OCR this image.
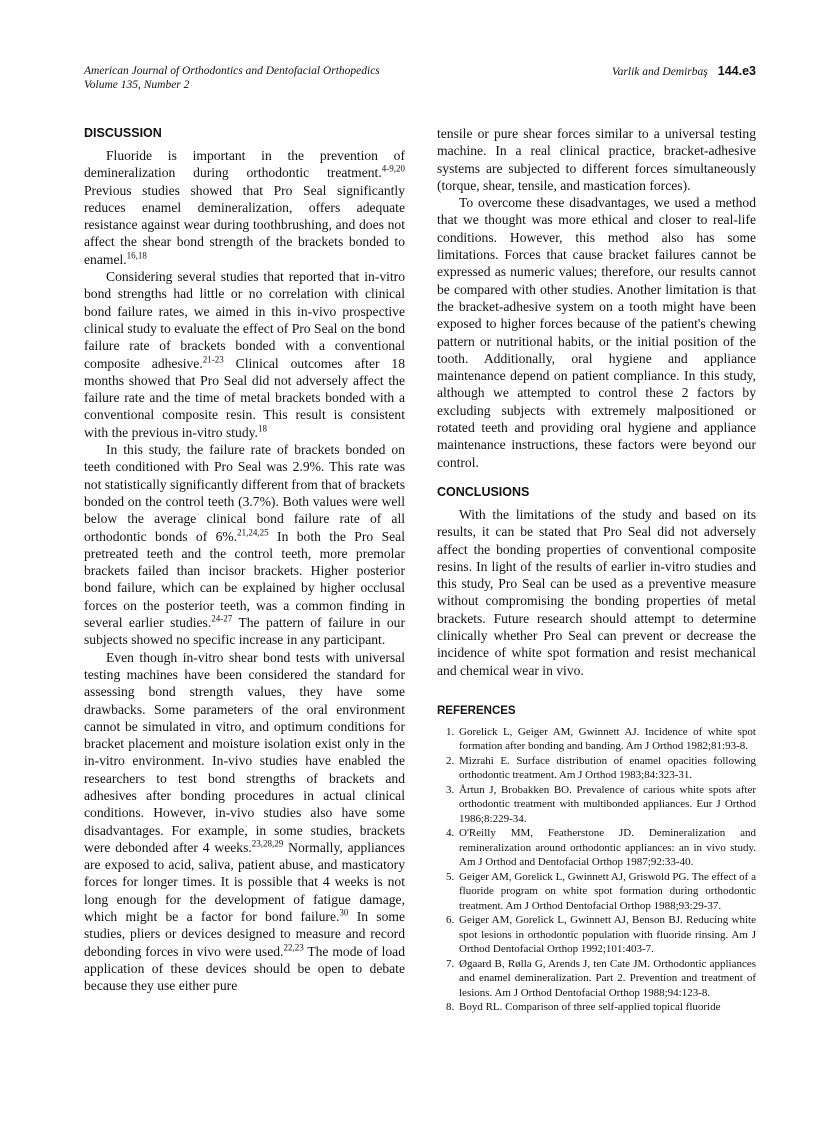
American Journal of Orthodontics and Dentofacial Orthopedics
Volume 135, Number 2
Varlik and Demirbaş 144.e3
DISCUSSION

Fluoride is important in the prevention of demineralization during orthodontic treatment.$^{4-9,20}$ Previous studies showed that Pro Seal significantly reduces enamel demineralization, offers adequate resistance against wear during toothbrushing, and does not affect the shear bond strength of the brackets bonded to enamel.$^{16,18}$

Considering several studies that reported that in-vitro bond strengths had little or no correlation with clinical bond failure rates, we aimed in this in-vivo prospective clinical study to evaluate the effect of Pro Seal on the bond failure rate of brackets bonded with a conventional composite adhesive.$^{21-23}$ Clinical outcomes after 18 months showed that Pro Seal did not adversely affect the failure rate and the time of metal brackets bonded with a conventional composite resin. This result is consistent with the previous in-vitro study.$^{18}$

In this study, the failure rate of brackets bonded on teeth conditioned with Pro Seal was 2.9%. This rate was not statistically significantly different from that of brackets bonded on the control teeth (3.7%). Both values were well below the average clinical bond failure rate of all orthodontic bonds of 6%.$^{21,24,25}$ In both the Pro Seal pretreated teeth and the control teeth, more premolar brackets failed than incisor brackets. Higher posterior bond failure, which can be explained by higher occlusal forces on the posterior teeth, was a common finding in several earlier studies.$^{24-27}$ The pattern of failure in our subjects showed no specific increase in any participant.

Even though in-vitro shear bond tests with universal testing machines have been considered the standard for assessing bond strength values, they have some drawbacks. Some parameters of the oral environment cannot be simulated in vitro, and optimum conditions for bracket placement and moisture isolation exist only in the in-vitro environment. In-vivo studies have enabled the researchers to test bond strengths of brackets and adhesives after bonding procedures in actual clinical conditions. However, in-vivo studies also have some disadvantages. For example, in some studies, brackets were debonded after 4 weeks.$^{23,28,29}$ Normally, appliances are exposed to acid, saliva, patient abuse, and masticatory forces for longer times. It is possible that 4 weeks is not long enough for the development of fatigue damage, which might be a factor for bond failure.$^{30}$ In some studies, pliers or devices designed to measure and record debonding forces in vivo were used.$^{22,23}$ The mode of load application of these devices should be open to debate because they use either pure

tensile or pure shear forces similar to a universal testing machine. In a real clinical practice, bracket-adhesive systems are subjected to different forces simultaneously (torque, shear, tensile, and mastication forces).

To overcome these disadvantages, we used a method that we thought was more ethical and closer to real-life conditions. However, this method also has some limitations. Forces that cause bracket failures cannot be expressed as numeric values; therefore, our results cannot be compared with other studies. Another limitation is that the bracket-adhesive system on a tooth might have been exposed to higher forces because of the patient's chewing pattern or nutritional habits, or the initial position of the tooth. Additionally, oral hygiene and appliance maintenance depend on patient compliance. In this study, although we attempted to control these 2 factors by excluding subjects with extremely malpositioned or rotated teeth and providing oral hygiene and appliance maintenance instructions, these factors were beyond our control.

CONCLUSIONS

With the limitations of the study and based on its results, it can be stated that Pro Seal did not adversely affect the bonding properties of conventional composite resins. In light of the results of earlier in-vitro studies and this study, Pro Seal can be used as a preventive measure without compromising the bonding properties of metal brackets. Future research should attempt to determine clinically whether Pro Seal can prevent or decrease the incidence of white spot formation and resist mechanical and chemical wear in vivo.

REFERENCES
1. Gorelick L, Geiger AM, Gwinnett AJ. Incidence of white spot formation after bonding and banding. Am J Orthod 1982;81:93-8.
2. Mizrahi E. Surface distribution of enamel opacities following orthodontic treatment. Am J Orthod 1983;84:323-31.
3. Årtun J, Brobakken BO. Prevalence of carious white spots after orthodontic treatment with multibonded appliances. Eur J Orthod 1986;8:229-34.
4. O'Reilly MM, Featherstone JD. Demineralization and remineralization around orthodontic appliances: an in vivo study. Am J Orthod and Dentofacial Orthop 1987;92:33-40.
5. Geiger AM, Gorelick L, Gwinnett AJ, Griswold PG. The effect of a fluoride program on white spot formation during orthodontic treatment. Am J Orthod Dentofacial Orthop 1988;93:29-37.
6. Geiger AM, Gorelick L, Gwinnett AJ, Benson BJ. Reducing white spot lesions in orthodontic population with fluoride rinsing. Am J Orthod Dentofacial Orthop 1992;101:403-7.
7. Øgaard B, Rølla G, Arends J, ten Cate JM. Orthodontic appliances and enamel demineralization. Part 2. Prevention and treatment of lesions. Am J Orthod Dentofacial Orthop 1988;94:123-8.
8. Boyd RL. Comparison of three self-applied topical fluoride
